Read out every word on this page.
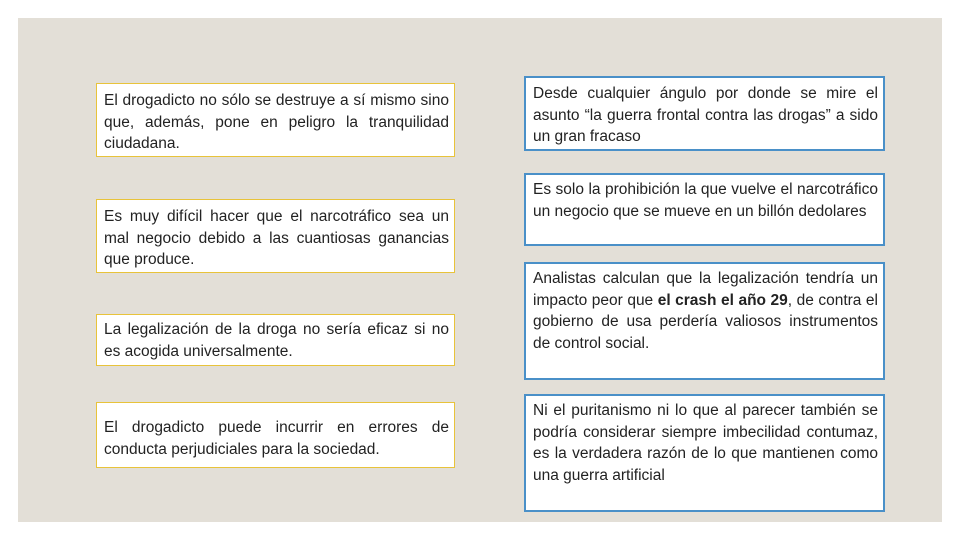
El drogadicto no sólo se destruye a sí mismo sino que, además, pone en peligro la tranquilidad ciudadana.
Es muy difícil hacer que el narcotráfico sea un mal negocio debido a las cuantiosas ganancias que produce.
La legalización de la droga no sería eficaz si no es acogida universalmente.
El drogadicto puede incurrir en errores de conducta perjudiciales para la sociedad.
Desde cualquier ángulo por donde se mire el asunto “la guerra frontal contra las drogas” a sido un gran fracaso
Es solo la prohibición la que vuelve el narcotráfico un negocio que se mueve en un billón dedolares
Analistas calculan que la legalización tendría un impacto peor que el crash el año 29, de contra el gobierno de usa perdería valiosos instrumentos de control social.
Ni el puritanismo ni lo que al parecer también se podría considerar siempre imbecilidad contumaz, es la verdadera razón de lo que mantienen como una guerra artificial
